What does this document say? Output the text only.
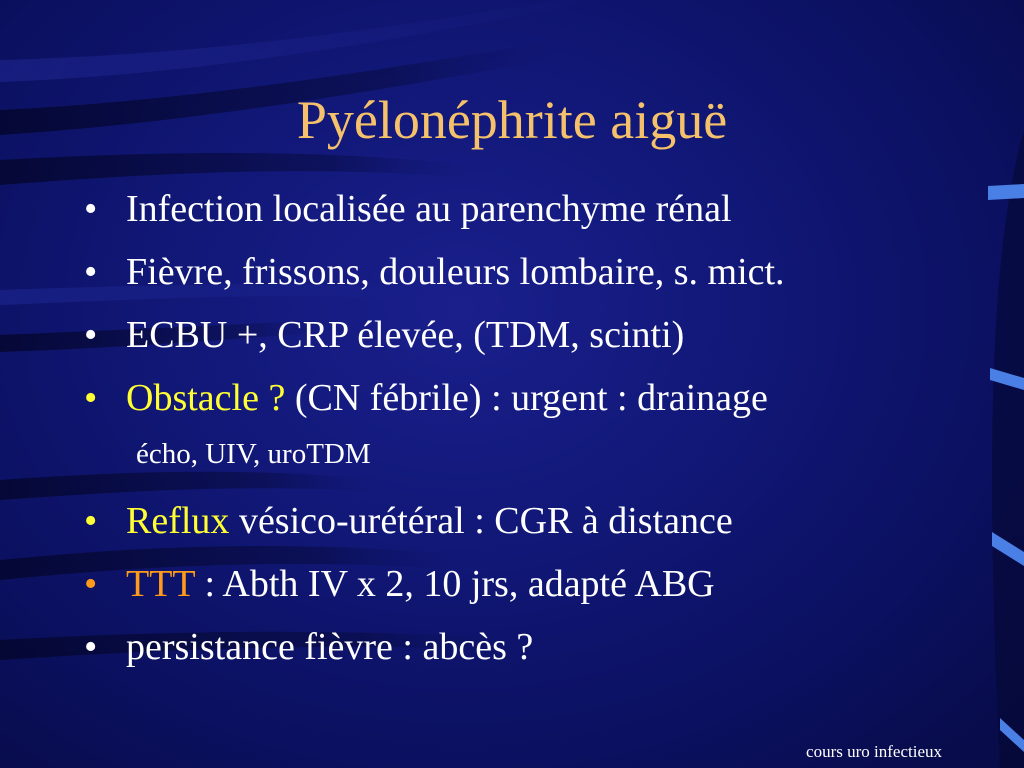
Pyélonéphrite aiguë
• Infection localisée au parenchyme rénal
• Fièvre, frissons, douleurs lombaire, s. mict.
• ECBU +, CRP élevée, (TDM, scinti)
• Obstacle ? (CN fébrile) : urgent : drainage
écho, UIV, uroTDM
• Reflux vésico-urétéral : CGR à distance
• TTT : Abth IV x 2, 10 jrs, adapté ABG
• persistance fièvre : abcès ?
cours uro infectieux
